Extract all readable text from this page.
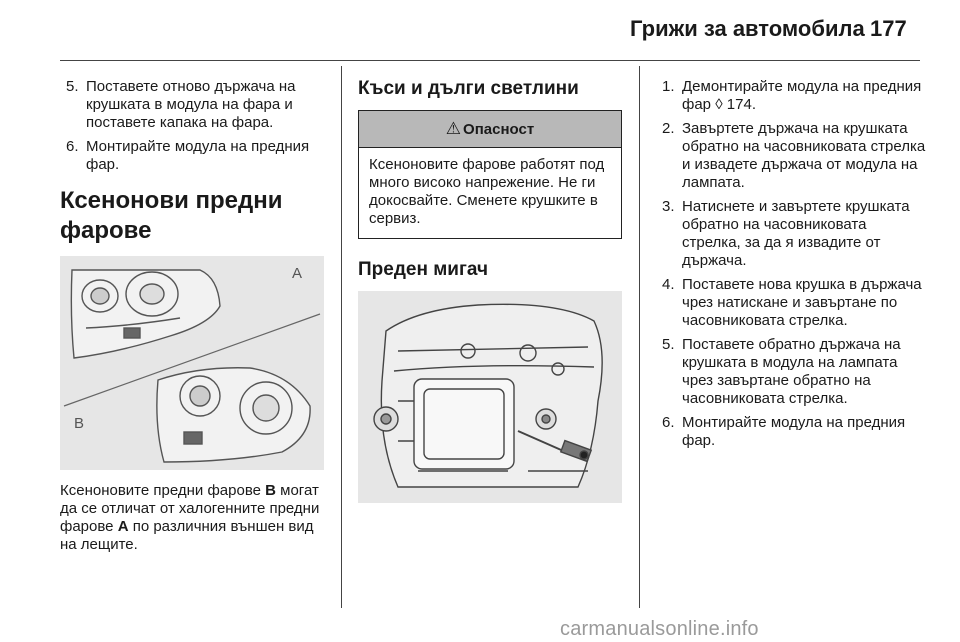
Грижи за автомобила 177
5. Поставете отново държача на крушката в модула на фара и поставете капака на фара.
6. Монтирайте модула на предния фар.
Ксенонови предни фарове
A
B
Ксеноновите предни фарове B могат да се отличат от халогенните предни фарове A по различния външен вид на лещите.
Къси и дълги светлини
⚠ Опасност
Ксеноновите фарове работят под много високо напрежение. Не ги докосвайте. Сменете крушките в сервиз.
Преден мигач
1. Демонтирайте модула на предния фар ◊ 174.
2. Завъртете държача на крушката обратно на часовниковата стрелка и извадете държача от модула на лампата.
3. Натиснете и завъртете крушката обратно на часовниковата стрелка, за да я извадите от държача.
4. Поставете нова крушка в държача чрез натискане и завъртане по часовниковата стрелка.
5. Поставете обратно държача на крушката в модула на лампата чрез завъртане обратно на часовниковата стрелка.
6. Монтирайте модула на предния фар.
carmanualsonline.info
